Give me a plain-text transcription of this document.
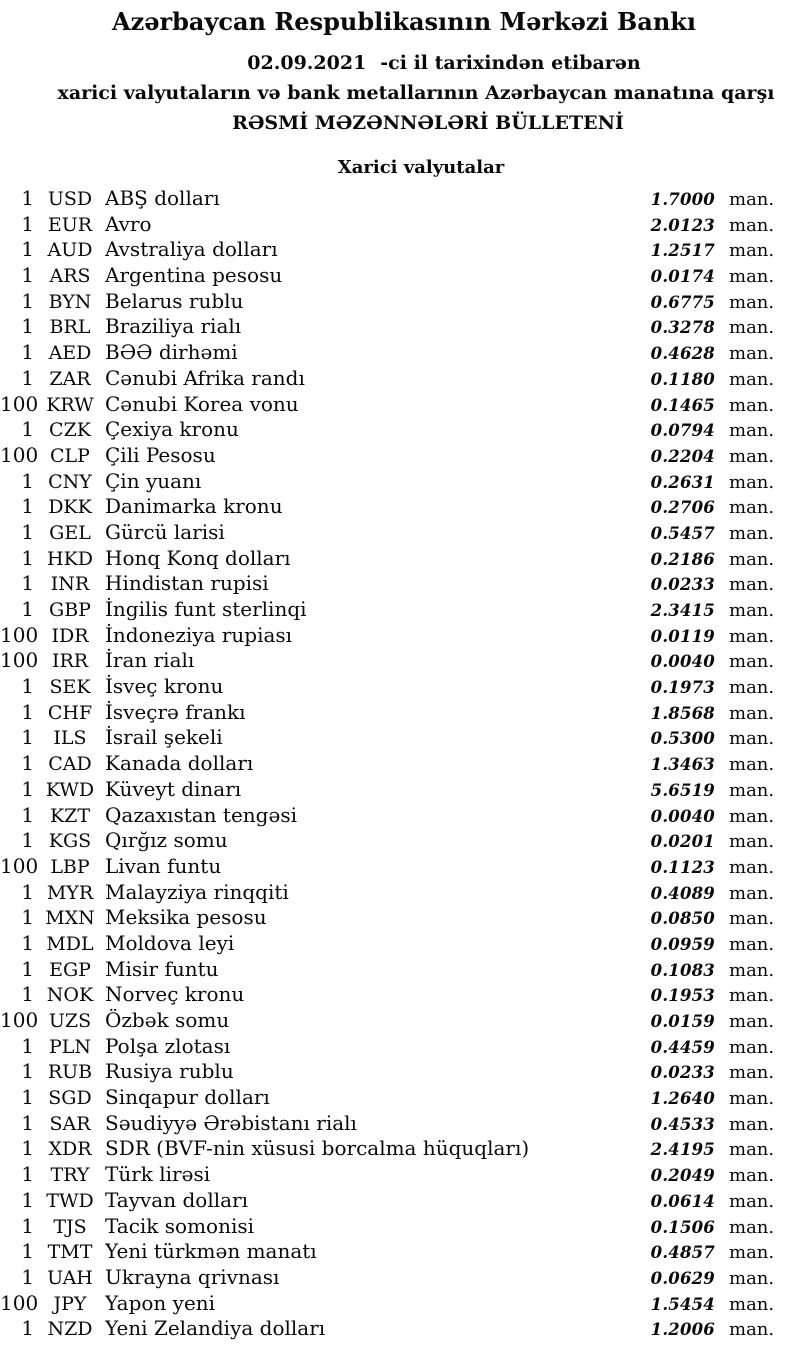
Azərbaycan Respublikasının Mərkəzi Bankı
02.09.2021 -ci il tarixindən etibarən
xarici valyutaların və bank metallarının Azərbaycan manatına qarşı
RƏSMİ MƏZƏNNƏLƏRİ BÜLLETENİ
Xarici valyutalar
1 USD ABŞ dolları	1.7000 man.
1 EUR Avro	2.0123 man.
1 AUD Avstraliya dolları	1.2517 man.
1 ARS Argentina pesosu	0.0174 man.
1 BYN Belarus rublu	0.6775 man.
1 BRL Braziliya rialı	0.3278 man.
1 AED BƏƏ dirhəmi	0.4628 man.
1 ZAR Cənubi Afrika randı	0.1180 man.
100 KRW Cənubi Korea vonu	0.1465 man.
1 CZK Çexiya kronu	0.0794 man.
100 CLP Çili Pesosu	0.2204 man.
1 CNY Çin yuanı	0.2631 man.
1 DKK Danimarka kronu	0.2706 man.
1 GEL Gürcü larisi	0.5457 man.
1 HKD Honq Konq dolları	0.2186 man.
1 INR Hindistan rupisi	0.0233 man.
1 GBP İngilis funt sterlinqi	2.3415 man.
100 IDR İndoneziya rupiası	0.0119 man.
100 IRR İran rialı	0.0040 man.
1 SEK İsveç kronu	0.1973 man.
1 CHF İsveçrə frankı	1.8568 man.
1	ILS İsrail şekeli	0.5300 man.
1 CAD Kanada dolları	1.3463 man.
1 KWD Küveyt dinarı	5.6519 man.
1 KZT Qazaxıstan tengəsi	0.0040 man.
1 KGS Qırğız somu	0.0201 man.
100 LBP Livan funtu	0.1123 man.
1 MYR Malayziya rinqqiti	0.4089 man.
1 MXN Meksika pesosu	0.0850 man.
1 MDL Moldova leyi	0.0959 man.
1 EGP Misir funtu	0.1083 man.
1 NOK Norveç kronu	0.1953 man.
100 UZS Özbək somu	0.0159 man.
1 PLN Polşa zlotası	0.4459 man.
1 RUB Rusiya rublu	0.0233 man.
1 SGD Sinqapur dolları	1.2640 man.
1 SAR Səudiyyə Ərəbistanı rialı	0.4533 man.
1 XDR SDR (BVF-nin xüsusi borcalma hüquqları)	2.4195 man.
1 TRY Türk lirəsi	0.2049 man.
1 TWD Tayvan dolları	0.0614 man.
1	TJS Tacik somonisi	0.1506 man.
1 TMT Yeni türkmən manatı	0.4857 man.
1 UAH Ukrayna qrivnası	0.0629 man.
100 JPY Yapon yeni	1.5454 man.
1 NZD Yeni Zelandiya dolları	1.2006 man.
